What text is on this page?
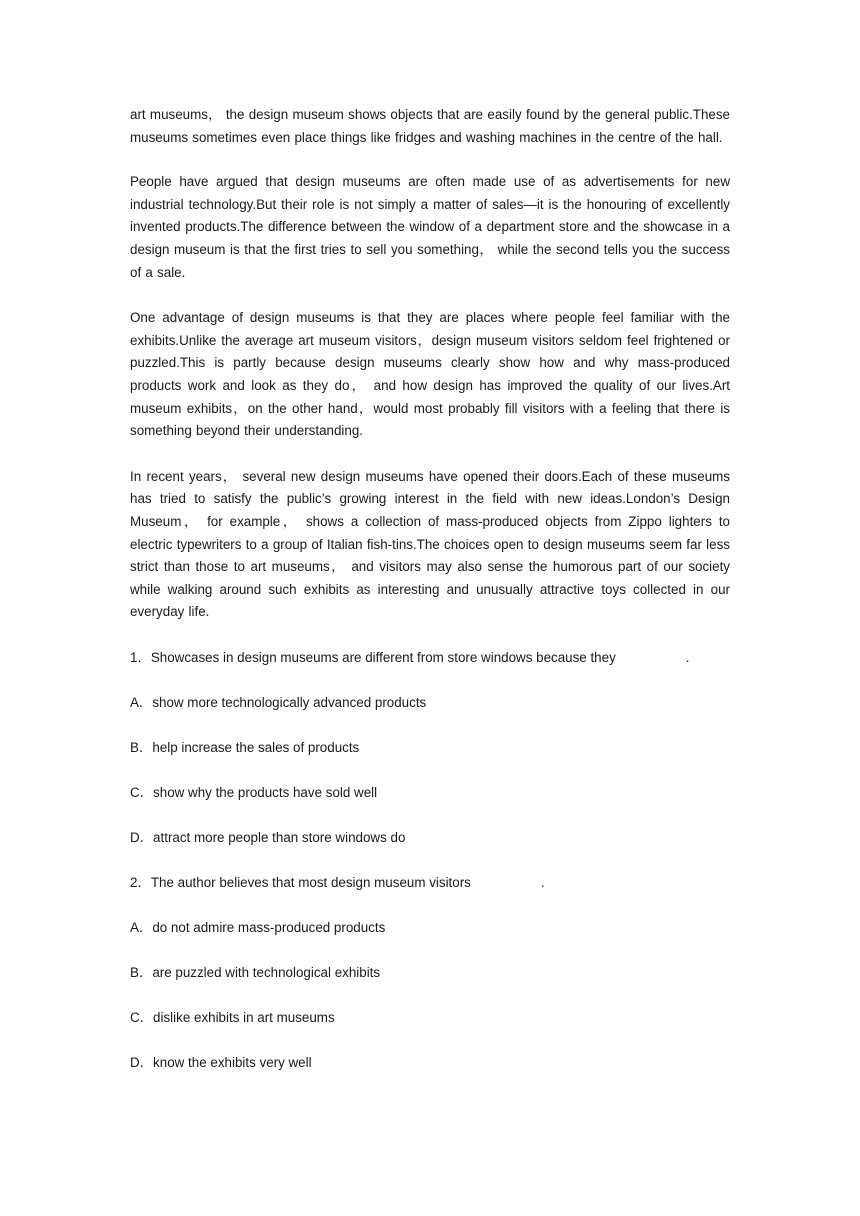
art museums， the design museum shows objects that are easily found by the general public.These museums sometimes even place things like fridges and washing machines in the centre of the hall.

People have argued that design museums are often made use of as advertisements for new industrial technology.But their role is not simply a matter of sales—it is the honouring of excellently invented products.The difference between the window of a department store and the showcase in a design museum is that the first tries to sell you something， while the second tells you the success of a sale.

One advantage of design museums is that they are places where people feel familiar with the exhibits.Unlike the average art museum visitors，design museum visitors seldom feel frightened or puzzled.This is partly because design museums clearly show how and why mass-produced products work and look as they do， and how design has improved the quality of our lives.Art museum exhibits，on the other hand，would most probably fill visitors with a feeling that there is something beyond their understanding.

In recent years， several new design museums have opened their doors.Each of these museums has tried to satisfy the public’s growing interest in the field with new ideas.London’s Design Museum， for example， shows a collection of mass-produced objects from Zippo lighters to electric typewriters to a group of Italian fish-tins.The choices open to design museums seem far less strict than those to art museums， and visitors may also sense the humorous part of our society while walking around such exhibits as interesting and unusually attractive toys collected in our everyday life.

1．Showcases in design museums are different from store windows because they	.
A．show more technologically advanced products
B．help increase the sales of products
C．show why the products have sold well
D．attract more people than store windows do
2．The author believes that most design museum visitors	.
A．do not admire mass-produced products
B．are puzzled with technological exhibits
C．dislike exhibits in art museums
D．know the exhibits very well
